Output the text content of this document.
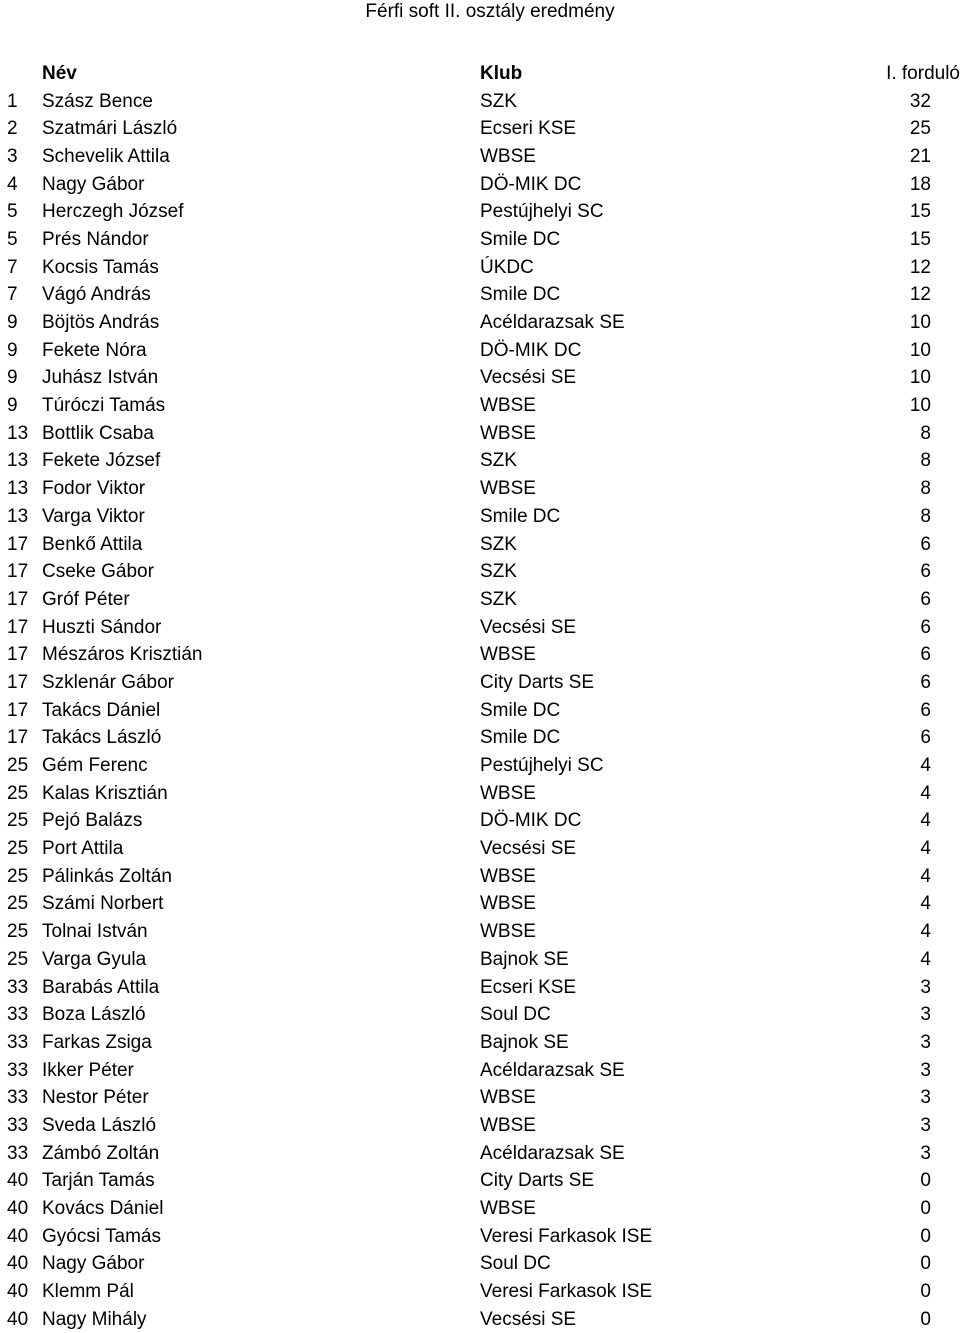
Férfi soft II. osztály eredmény
Név	Klub	I. forduló
1 Szász Bence	SZK	32
2 Szatmári László	Ecseri KSE	25
3 Schevelik Attila	WBSE	21
4 Nagy Gábor	DÖ-MIK DC	18
5 Herczegh József	Pestújhelyi SC	15
5 Prés Nándor	Smile DC	15
7 Kocsis Tamás	ÚKDC	12
7 Vágó András	Smile DC	12
9 Böjtös András	Acéldarazsak SE	10
9 Fekete Nóra	DÖ-MIK DC	10
9 Juhász István	Vecsési SE	10
9 Túróczi Tamás	WBSE	10
13 Bottlik Csaba	WBSE	8
13 Fekete József	SZK	8
13 Fodor Viktor	WBSE	8
13 Varga Viktor	Smile DC	8
17 Benkő Attila	SZK	6
17 Cseke Gábor	SZK	6
17 Gróf Péter	SZK	6
17 Huszti Sándor	Vecsési SE	6
17 Mészáros Krisztián	WBSE	6
17 Szklenár Gábor	City Darts SE	6
17 Takács Dániel	Smile DC	6
17 Takács László	Smile DC	6
25 Gém Ferenc	Pestújhelyi SC	4
25 Kalas Krisztián	WBSE	4
25 Pejó Balázs	DÖ-MIK DC	4
25 Port Attila	Vecsési SE	4
25 Pálinkás Zoltán	WBSE	4
25 Számi Norbert	WBSE	4
25 Tolnai István	WBSE	4
25 Varga Gyula	Bajnok SE	4
33 Barabás Attila	Ecseri KSE	3
33 Boza László	Soul DC	3
33 Farkas Zsiga	Bajnok SE	3
33 Ikker Péter	Acéldarazsak SE	3
33 Nestor Péter	WBSE	3
33 Sveda László	WBSE	3
33 Zámbó Zoltán	Acéldarazsak SE	3
40 Tarján Tamás	City Darts SE	0
40 Kovács Dániel	WBSE	0
40 Gyócsi Tamás	Veresi Farkasok ISE	0
40 Nagy Gábor	Soul DC	0
40 Klemm Pál	Veresi Farkasok ISE	0
40 Nagy Mihály	Vecsési SE	0
